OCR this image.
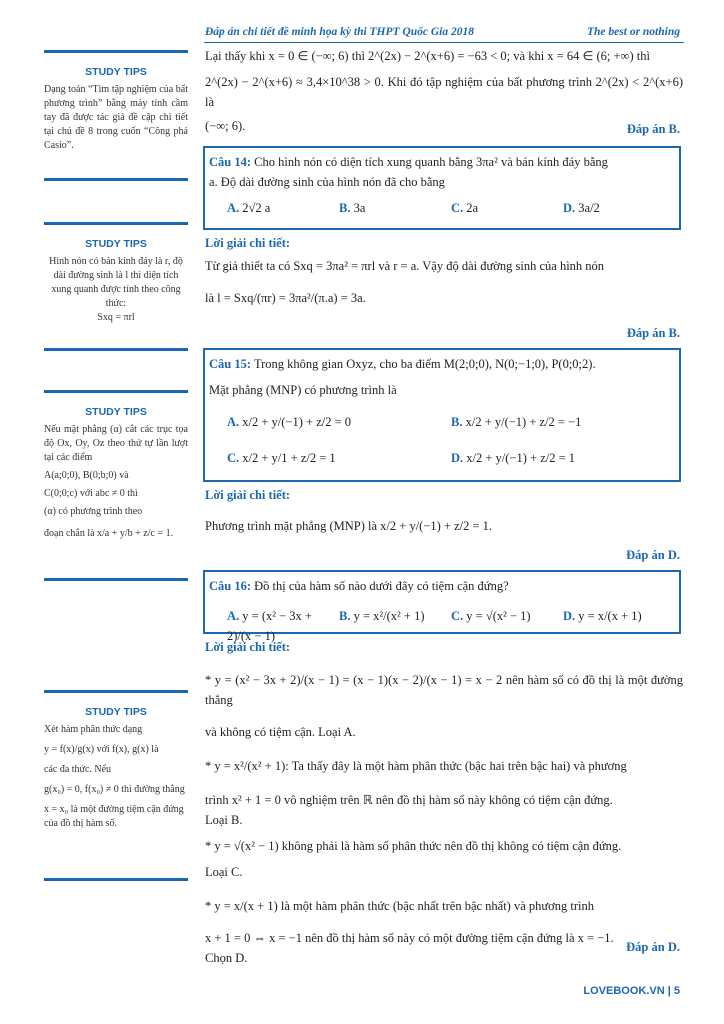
Đáp án chi tiết đề minh họa kỳ thi THPT Quốc Gia 2018	The best or nothing
STUDY TIPS
Dạng toán “Tìm tập nghiệm của bất phương trình” bằng máy tính cầm tay đã được tác giả đề cập chi tiết tại chủ đề 8 trong cuốn “Công phá Casio”.
STUDY TIPS
Hình nón có bán kính đáy là r, độ dài đường sinh là l thì diện tích xung quanh được tính theo công thức:
Sxq = πrl
STUDY TIPS
Nếu mặt phẳng (α) cắt các trục tọa độ Ox, Oy, Oz theo thứ tự lần lượt tại các điểm
A(a;0;0), B(0;b;0) và
C(0;0;c) với abc ≠ 0 thì
(α) có phương trình theo
đoạn chắn là x/a + y/b + z/c = 1.
STUDY TIPS
Xét hàm phân thức dạng
y = f(x)/g(x) với f(x), g(x) là
các đa thức. Nếu
g(x₀) = 0, f(x₀) ≠ 0 thì đường thẳng
x = x₀ là một đường tiệm cận đứng của đồ thị hàm số.
Lại thấy khi x = 0 ∈ (−∞; 6) thì 2^(2x) − 2^(x+6) = −63 < 0; và khi x = 64 ∈ (6; +∞) thì
2^(2x) − 2^(x+6) ≈ 3,4×10^38 > 0. Khi đó tập nghiệm của bất phương trình 2^(2x) < 2^(x+6) là
(−∞; 6).	Đáp án B.
Câu 14: Cho hình nón có diện tích xung quanh bằng 3πa² và bán kính đáy bằng
a. Độ dài đường sinh của hình nón đã cho bằng
A. 2√2 a	B. 3a	C. 2a	D. 3a/2
Lời giải chi tiết:
Từ giả thiết ta có Sxq = 3πa² = πrl và r = a. Vậy độ dài đường sinh của hình nón
là l = Sxq/(πr) = 3πa²/(π.a) = 3a.
Đáp án B.
Câu 15: Trong không gian Oxyz, cho ba điểm M(2;0;0), N(0;−1;0), P(0;0;2).
Mặt phẳng (MNP) có phương trình là
A. x/2 + y/(−1) + z/2 = 0	B. x/2 + y/(−1) + z/2 = −1
C. x/2 + y/1 + z/2 = 1	D. x/2 + y/(−1) + z/2 = 1
Lời giải chi tiết:
Phương trình mặt phẳng (MNP) là x/2 + y/(−1) + z/2 = 1.
Đáp án D.
Câu 16: Đồ thị của hàm số nào dưới đây có tiệm cận đứng?
A. y = (x² − 3x + 2)/(x − 1)
B. y = x²/(x² + 1)	C. y = √(x² − 1)	D. y = x/(x + 1)
Lời giải chi tiết:
* y = (x² − 3x + 2)/(x − 1) = (x − 1)(x − 2)/(x − 1) = x − 2 nên hàm số có đồ thị là một đường thẳng
và không có tiệm cận. Loại A.
* y = x²/(x² + 1): Ta thấy đây là một hàm phân thức (bậc hai trên bậc hai) và phương
trình x² + 1 = 0 vô nghiệm trên ℝ nên đồ thị hàm số này không có tiệm cận đứng.
Loại B.
* y = √(x² − 1) không phải là hàm số phân thức nên đồ thị không có tiệm cận đứng.
Loại C.
* y = x/(x + 1) là một hàm phân thức (bậc nhất trên bậc nhất) và phương trình
x + 1 = 0 ⇔ x = −1 nên đồ thị hàm số này có một đường tiệm cận đứng là x = −1.
Chọn D.
Đáp án D.
LOVEBOOK.VN | 5
